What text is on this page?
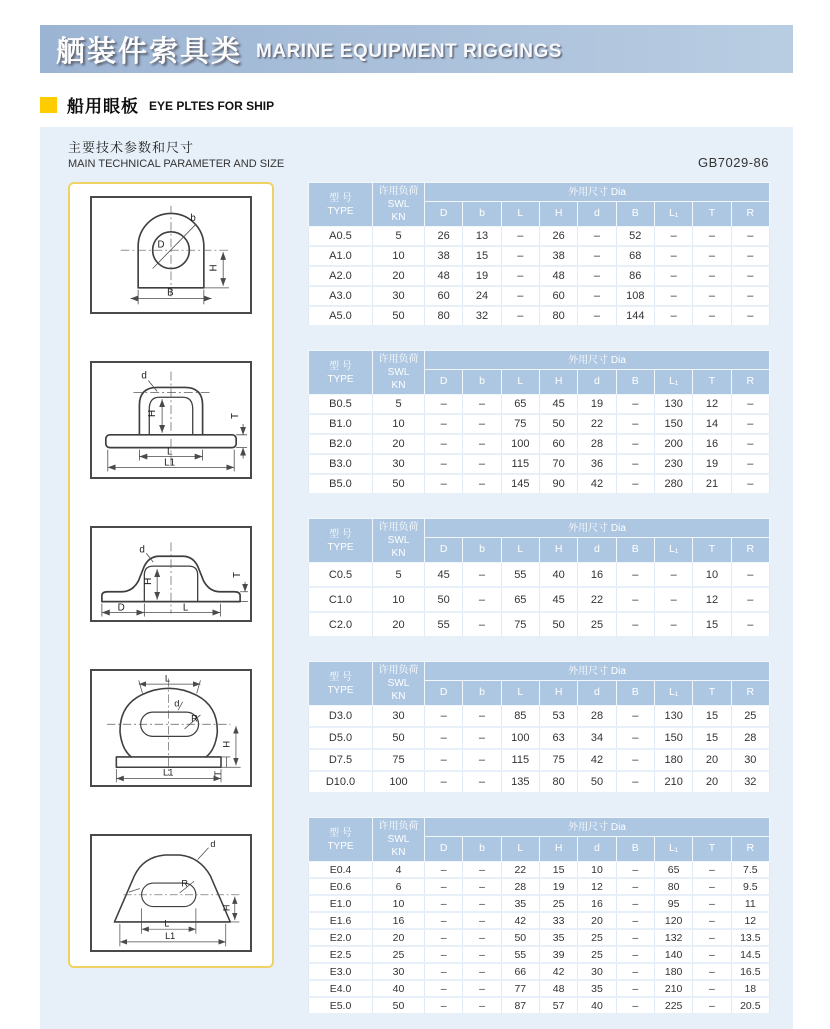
舾装件索具类 MARINE EQUIPMENT RIGGINGS
船用眼板 EYE PLTES FOR SHIP
主要技术参数和尺寸
MAIN TECHNICAL PARAMETER AND SIZE	GB7029-86
b
D
H
B
d
H	T
L
L1
d
H
T
D	L
L
d
R
H
T
L1
d
R
H
L
L1
型 号
TYPE

许用负荷
SWL
KN
	外用尺寸 Dia
		D	b	L	H	d	B	L₁	T	R
A0.5	5	26	13	–	26	–	52	–	–	–
A1.0	10	38	15	–	38	–	68	–	–	–
A2.0	20	48	19	–	48	–	86	–	–	–
A3.0	30	60	24	–	60	–	108	–	–	–
A5.0	50	80	32	–	80	–	144	–	–	–
型 号
TYPE

许用负荷
SWL
KN
	外用尺寸 Dia
		D	b	L	H	d	B	L₁	T	R
B0.5	5	–	–	65	45	19	–	130	12	–
B1.0	10	–	–	75	50	22	–	150	14	–
B2.0	20	–	–	100	60	28	–	200	16	–
B3.0	30	–	–	115	70	36	–	230	19	–
B5.0	50	–	–	145	90	42	–	280	21	–
型 号
TYPE

许用负荷
SWL
KN
	外用尺寸 Dia
		D	b	L	H	d	B	L₁	T	R
C0.5	5	45	–	55	40	16	–	–	10	–
C1.0	10	50	–	65	45	22	–	–	12	–
C2.0	20	55	–	75	50	25	–	–	15	–
型 号
TYPE

许用负荷
SWL
KN
	外用尺寸 Dia
		D	b	L	H	d	B	L₁	T	R
D3.0	30	–	–	85	53	28	–	130	15	25
D5.0	50	–	–	100	63	34	–	150	15	28
D7.5	75	–	–	115	75	42	–	180	20	30
D10.0	100	–	–	135	80	50	–	210	20	32
型 号
TYPE

许用负荷
SWL
KN
	外用尺寸 Dia
		D	b	L	H	d	B	L₁	T	R
E0.4	4	–	–	22	15	10	–	65	–	7.5
E0.6	6	–	–	28	19	12	–	80	–	9.5
E1.0	10	–	–	35	25	16	–	95	–	11
E1.6	16	–	–	42	33	20	–	120	–	12
E2.0	20	–	–	50	35	25	–	132	–	13.5
E2.5	25	–	–	55	39	25	–	140	–	14.5
E3.0	30	–	–	66	42	30	–	180	–	16.5
E4.0	40	–	–	77	48	35	–	210	–	18
E5.0	50	–	–	87	57	40	–	225	–	20.5
